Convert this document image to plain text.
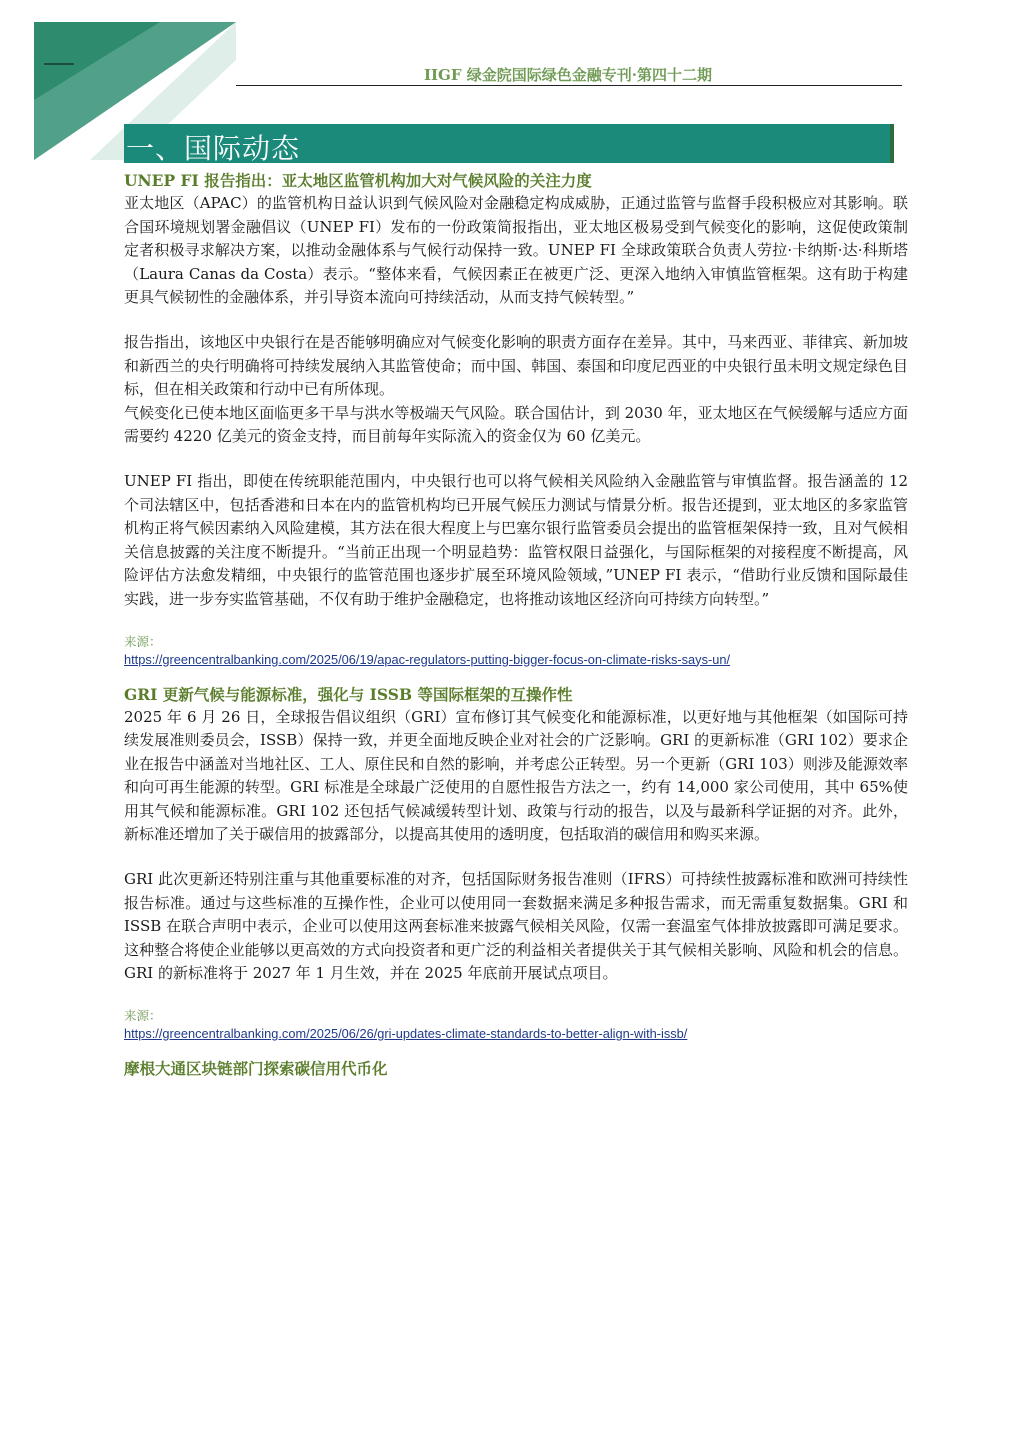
IIGF 绿金院国际绿色金融专刊·第四十二期
一、国际动态
UNEP FI 报告指出：亚太地区监管机构加大对气候风险的关注力度

亚太地区（APAC）的监管机构日益认识到气候风险对金融稳定构成威胁，正通过监管与监督手段积极应对其影响。联合国环境规划署金融倡议（UNEP FI）发布的一份政策简报指出，亚太地区极易受到气候变化的影响，这促使政策制定者积极寻求解决方案，以推动金融体系与气候行动保持一致。UNEP FI 全球政策联合负责人劳拉·卡纳斯·达·科斯塔（Laura Canas da Costa）表示。“整体来看，气候因素正在被更广泛、更深入地纳入审慎监管框架。这有助于构建更具气候韧性的金融体系，并引导资本流向可持续活动，从而支持气候转型。”

报告指出，该地区中央银行在是否能够明确应对气候变化影响的职责方面存在差异。其中，马来西亚、菲律宾、新加坡和新西兰的央行明确将可持续发展纳入其监管使命；而中国、韩国、泰国和印度尼西亚的中央银行虽未明文规定绿色目标，但在相关政策和行动中已有所体现。

气候变化已使本地区面临更多干旱与洪水等极端天气风险。联合国估计，到 2030 年，亚太地区在气候缓解与适应方面需要约 4220 亿美元的资金支持，而目前每年实际流入的资金仅为 60 亿美元。

UNEP FI 指出，即使在传统职能范围内，中央银行也可以将气候相关风险纳入金融监管与审慎监督。报告涵盖的 12 个司法辖区中，包括香港和日本在内的监管机构均已开展气候压力测试与情景分析。报告还提到，亚太地区的多家监管机构正将气候因素纳入风险建模，其方法在很大程度上与巴塞尔银行监管委员会提出的监管框架保持一致，且对气候相关信息披露的关注度不断提升。“当前正出现一个明显趋势：监管权限日益强化，与国际框架的对接程度不断提高，风险评估方法愈发精细，中央银行的监管范围也逐步扩展至环境风险领域，”UNEP FI 表示，“借助行业反馈和国际最佳实践，进一步夯实监管基础，不仅有助于维护金融稳定，也将推动该地区经济向可持续方向转型。”

来源：

https://greencentralbanking.com/2025/06/19/apac-regulators-putting-bigger-focus-on-climate-risks-says-un/
GRI 更新气候与能源标准，强化与 ISSB 等国际框架的互操作性

2025 年 6 月 26 日，全球报告倡议组织（GRI）宣布修订其气候变化和能源标准，以更好地与其他框架（如国际可持续发展准则委员会，ISSB）保持一致，并更全面地反映企业对社会的广泛影响。GRI 的更新标准（GRI 102）要求企业在报告中涵盖对当地社区、工人、原住民和自然的影响，并考虑公正转型。另一个更新（GRI 103）则涉及能源效率和向可再生能源的转型。GRI 标准是全球最广泛使用的自愿性报告方法之一，约有 14,000 家公司使用，其中 65%使用其气候和能源标准。GRI 102 还包括气候减缓转型计划、政策与行动的报告，以及与最新科学证据的对齐。此外，新标准还增加了关于碳信用的披露部分，以提高其使用的透明度，包括取消的碳信用和购买来源。

GRI 此次更新还特别注重与其他重要标准的对齐，包括国际财务报告准则（IFRS）可持续性披露标准和欧洲可持续性报告标准。通过与这些标准的互操作性，企业可以使用同一套数据来满足多种报告需求，而无需重复数据集。GRI 和 ISSB 在联合声明中表示，企业可以使用这两套标准来披露气候相关风险，仅需一套温室气体排放披露即可满足要求。这种整合将使企业能够以更高效的方式向投资者和更广泛的利益相关者提供关于其气候相关影响、风险和机会的信息。GRI 的新标准将于 2027 年 1 月生效，并在 2025 年底前开展试点项目。

来源：

https://greencentralbanking.com/2025/06/26/gri-updates-climate-standards-to-better-align-with-issb/
摩根大通区块链部门探索碳信用代币化
